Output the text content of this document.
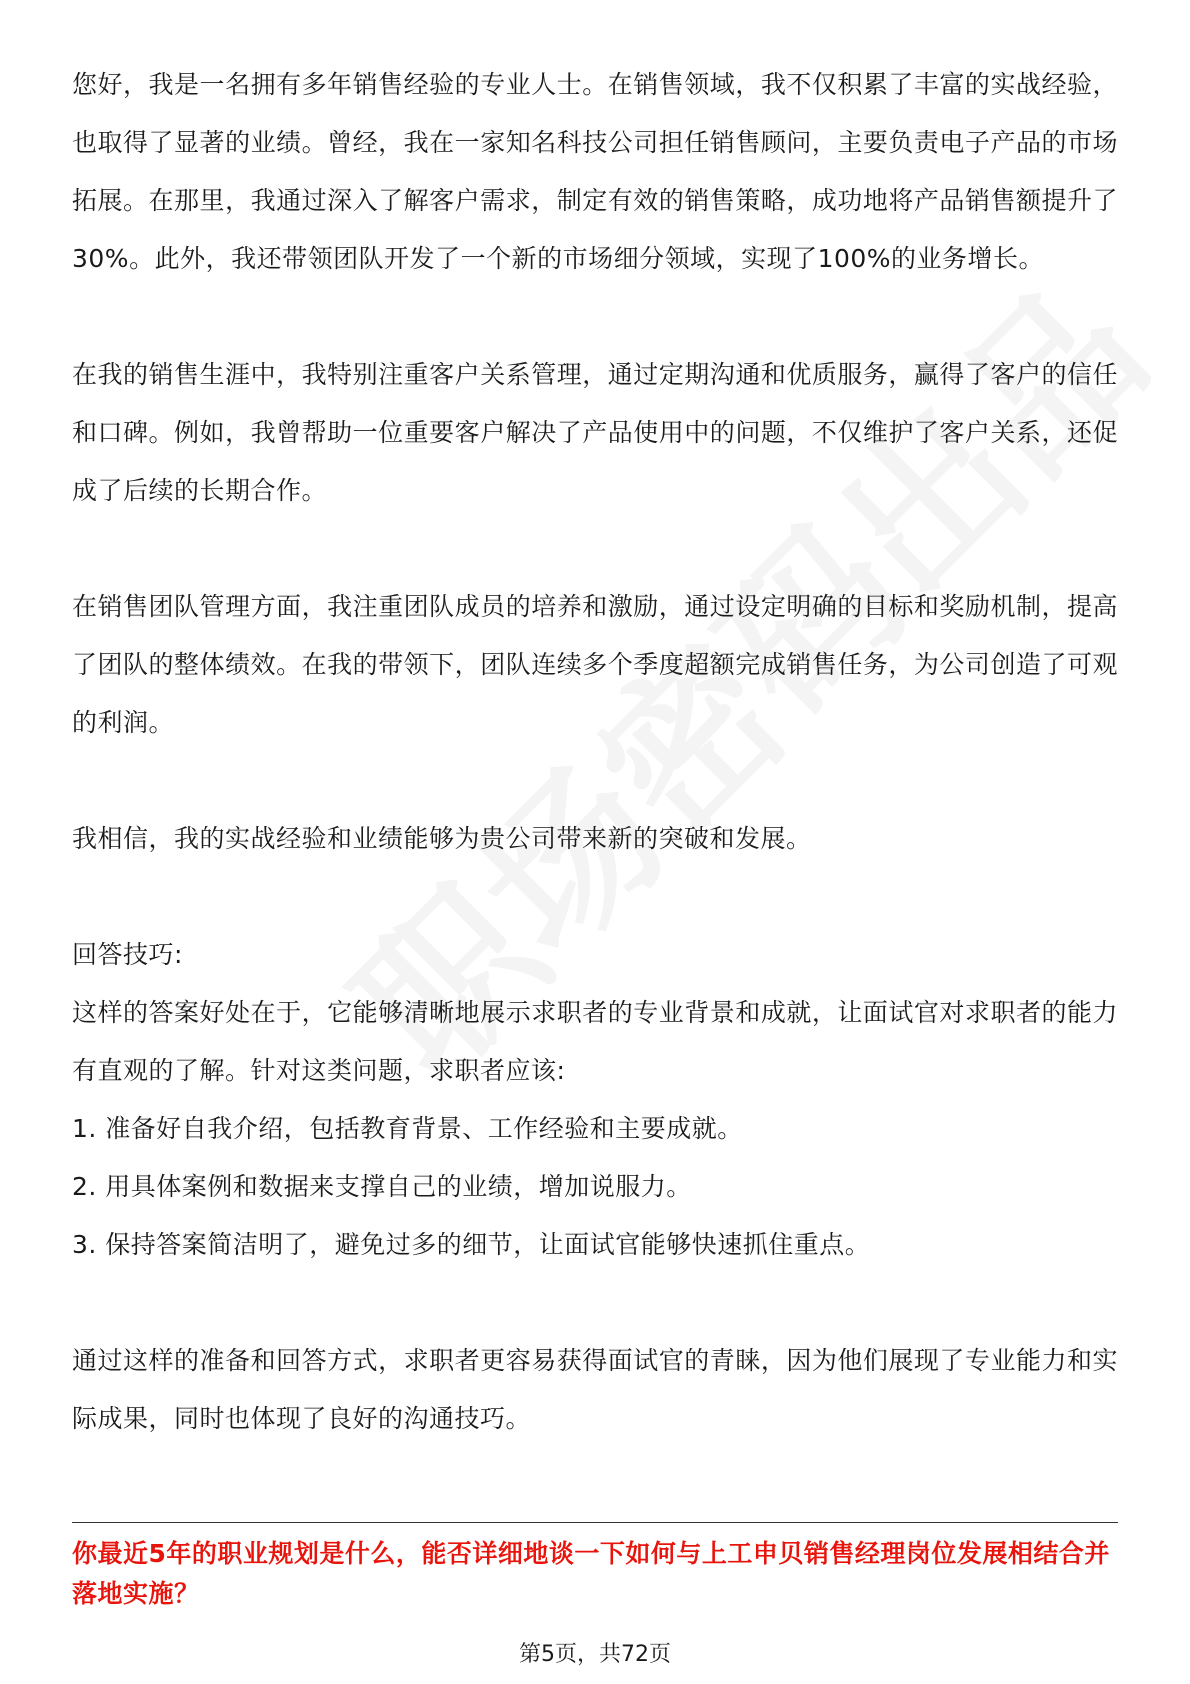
您好，我是一名拥有多年销售经验的专业人士。在销售领域，我不仅积累了丰富的实战经验，也取得了显著的业绩。曾经，我在一家知名科技公司担任销售顾问，主要负责电子产品的市场拓展。在那里，我通过深入了解客户需求，制定有效的销售策略，成功地将产品销售额提升了30%。此外，我还带领团队开发了一个新的市场细分领域，实现了100%的业务增长。

在我的销售生涯中，我特别注重客户关系管理，通过定期沟通和优质服务，赢得了客户的信任和口碑。例如，我曾帮助一位重要客户解决了产品使用中的问题，不仅维护了客户关系，还促成了后续的长期合作。

在销售团队管理方面，我注重团队成员的培养和激励，通过设定明确的目标和奖励机制，提高了团队的整体绩效。在我的带领下，团队连续多个季度超额完成销售任务，为公司创造了可观的利润。

我相信，我的实战经验和业绩能够为贵公司带来新的突破和发展。

回答技巧:

这样的答案好处在于，它能够清晰地展示求职者的专业背景和成就，让面试官对求职者的能力有直观的了解。针对这类问题，求职者应该:

1. 准备好自我介绍，包括教育背景、工作经验和主要成就。

2. 用具体案例和数据来支撑自己的业绩，增加说服力。

3. 保持答案简洁明了，避免过多的细节，让面试官能够快速抓住重点。

通过这样的准备和回答方式，求职者更容易获得面试官的青睐，因为他们展现了专业能力和实际成果，同时也体现了良好的沟通技巧。

你最近5年的职业规划是什么，能否详细地谈一下如何与上工申贝销售经理岗位发展相结合并落地实施？

第5页，共72页
